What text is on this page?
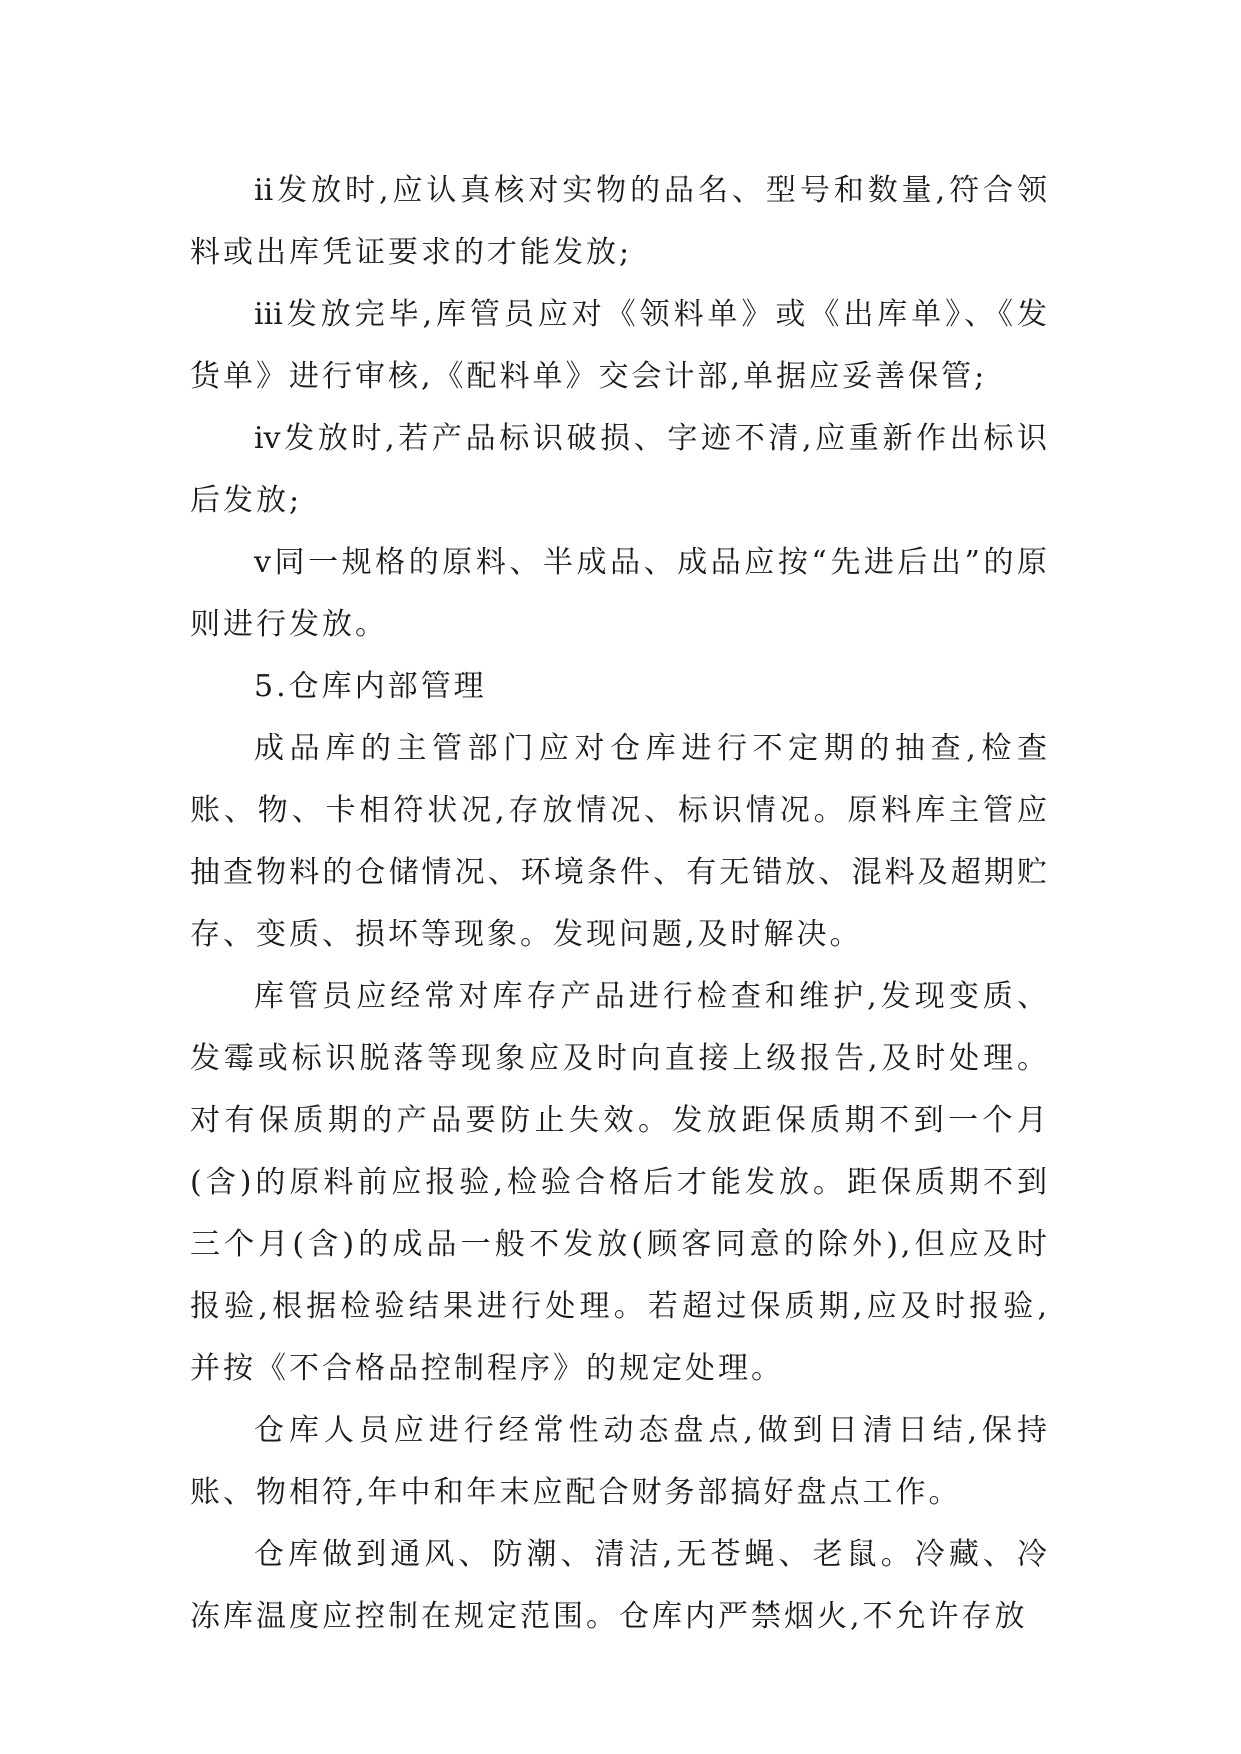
ⅱ发放时,应认真核对实物的品名、型号和数量,符合领料或出库凭证要求的才能发放;

ⅲ发放完毕,库管员应对《领料单》或《出库单》、《发货单》进行审核,《配料单》交会计部,单据应妥善保管;

ⅳ发放时,若产品标识破损、字迹不清,应重新作出标识后发放;

ⅴ同一规格的原料、半成品、成品应按“先进后出”的原则进行发放。

5.仓库内部管理

成品库的主管部门应对仓库进行不定期的抽查,检查账、物、卡相符状况,存放情况、标识情况。原料库主管应抽查物料的仓储情况、环境条件、有无错放、混料及超期贮存、变质、损坏等现象。发现问题,及时解决。

库管员应经常对库存产品进行检查和维护,发现变质、发霉或标识脱落等现象应及时向直接上级报告,及时处理。对有保质期的产品要防止失效。发放距保质期不到一个月(含)的原料前应报验,检验合格后才能发放。距保质期不到三个月(含)的成品一般不发放(顾客同意的除外),但应及时报验,根据检验结果进行处理。若超过保质期,应及时报验,并按《不合格品控制程序》的规定处理。

仓库人员应进行经常性动态盘点,做到日清日结,保持账、物相符,年中和年末应配合财务部搞好盘点工作。

仓库做到通风、防潮、清洁,无苍蝇、老鼠。冷藏、冷冻库温度应控制在规定范围。仓库内严禁烟火,不允许存放
